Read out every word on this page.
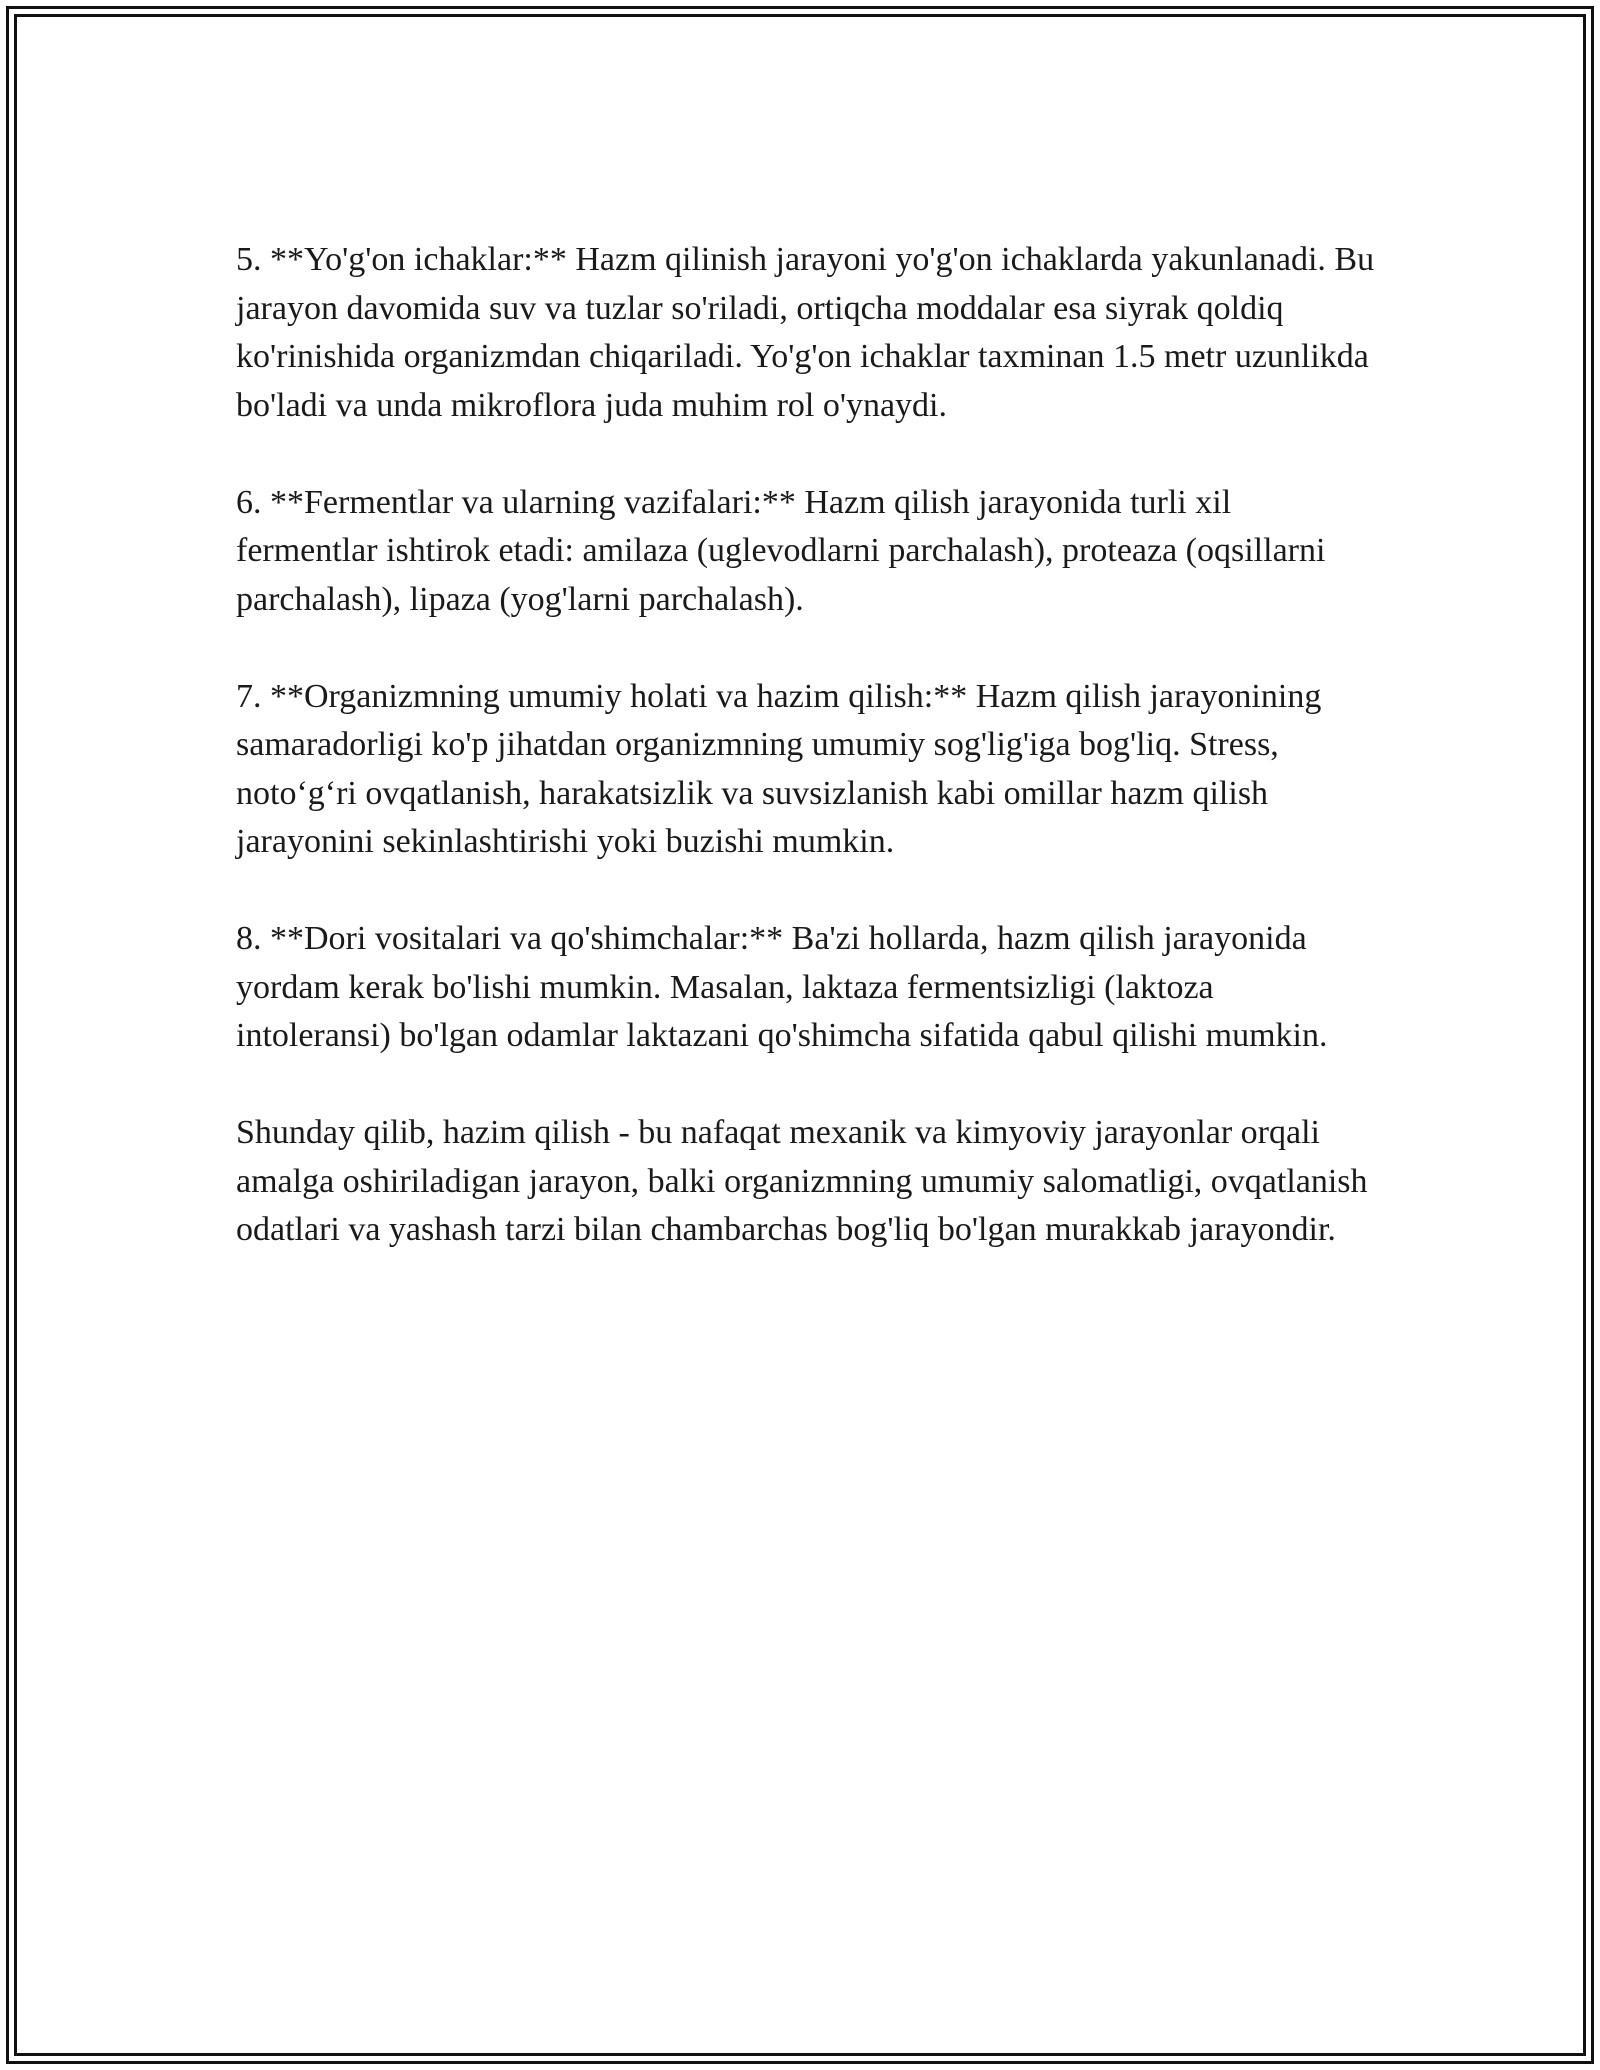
5. **Yo'g'on ichaklar:** Hazm qilinish jarayoni yo'g'on ichaklarda yakunlanadi. Bu jarayon davomida suv va tuzlar so'riladi, ortiqcha moddalar esa siyrak qoldiq ko'rinishida organizmdan chiqariladi. Yo'g'on ichaklar taxminan 1.5 metr uzunlikda bo'ladi va unda mikroflora juda muhim rol o'ynaydi.

6. **Fermentlar va ularning vazifalari:** Hazm qilish jarayonida turli xil fermentlar ishtirok etadi: amilaza (uglevodlarni parchalash), proteaza (oqsillarni parchalash), lipaza (yog'larni parchalash).

7. **Organizmning umumiy holati va hazim qilish:** Hazm qilish jarayonining samaradorligi ko'p jihatdan organizmning umumiy sog'lig'iga bog'liq. Stress, noto‘g‘ri ovqatlanish, harakatsizlik va suvsizlanish kabi omillar hazm qilish jarayonini sekinlashtirishi yoki buzishi mumkin.

8. **Dori vositalari va qo'shimchalar:** Ba'zi hollarda, hazm qilish jarayonida yordam kerak bo'lishi mumkin. Masalan, laktaza fermentsizligi (laktoza intoleransi) bo'lgan odamlar laktazani qo'shimcha sifatida qabul qilishi mumkin.

Shunday qilib, hazim qilish - bu nafaqat mexanik va kimyoviy jarayonlar orqali amalga oshiriladigan jarayon, balki organizmning umumiy salomatligi, ovqatlanish odatlari va yashash tarzi bilan chambarchas bog'liq bo'lgan murakkab jarayondir.
